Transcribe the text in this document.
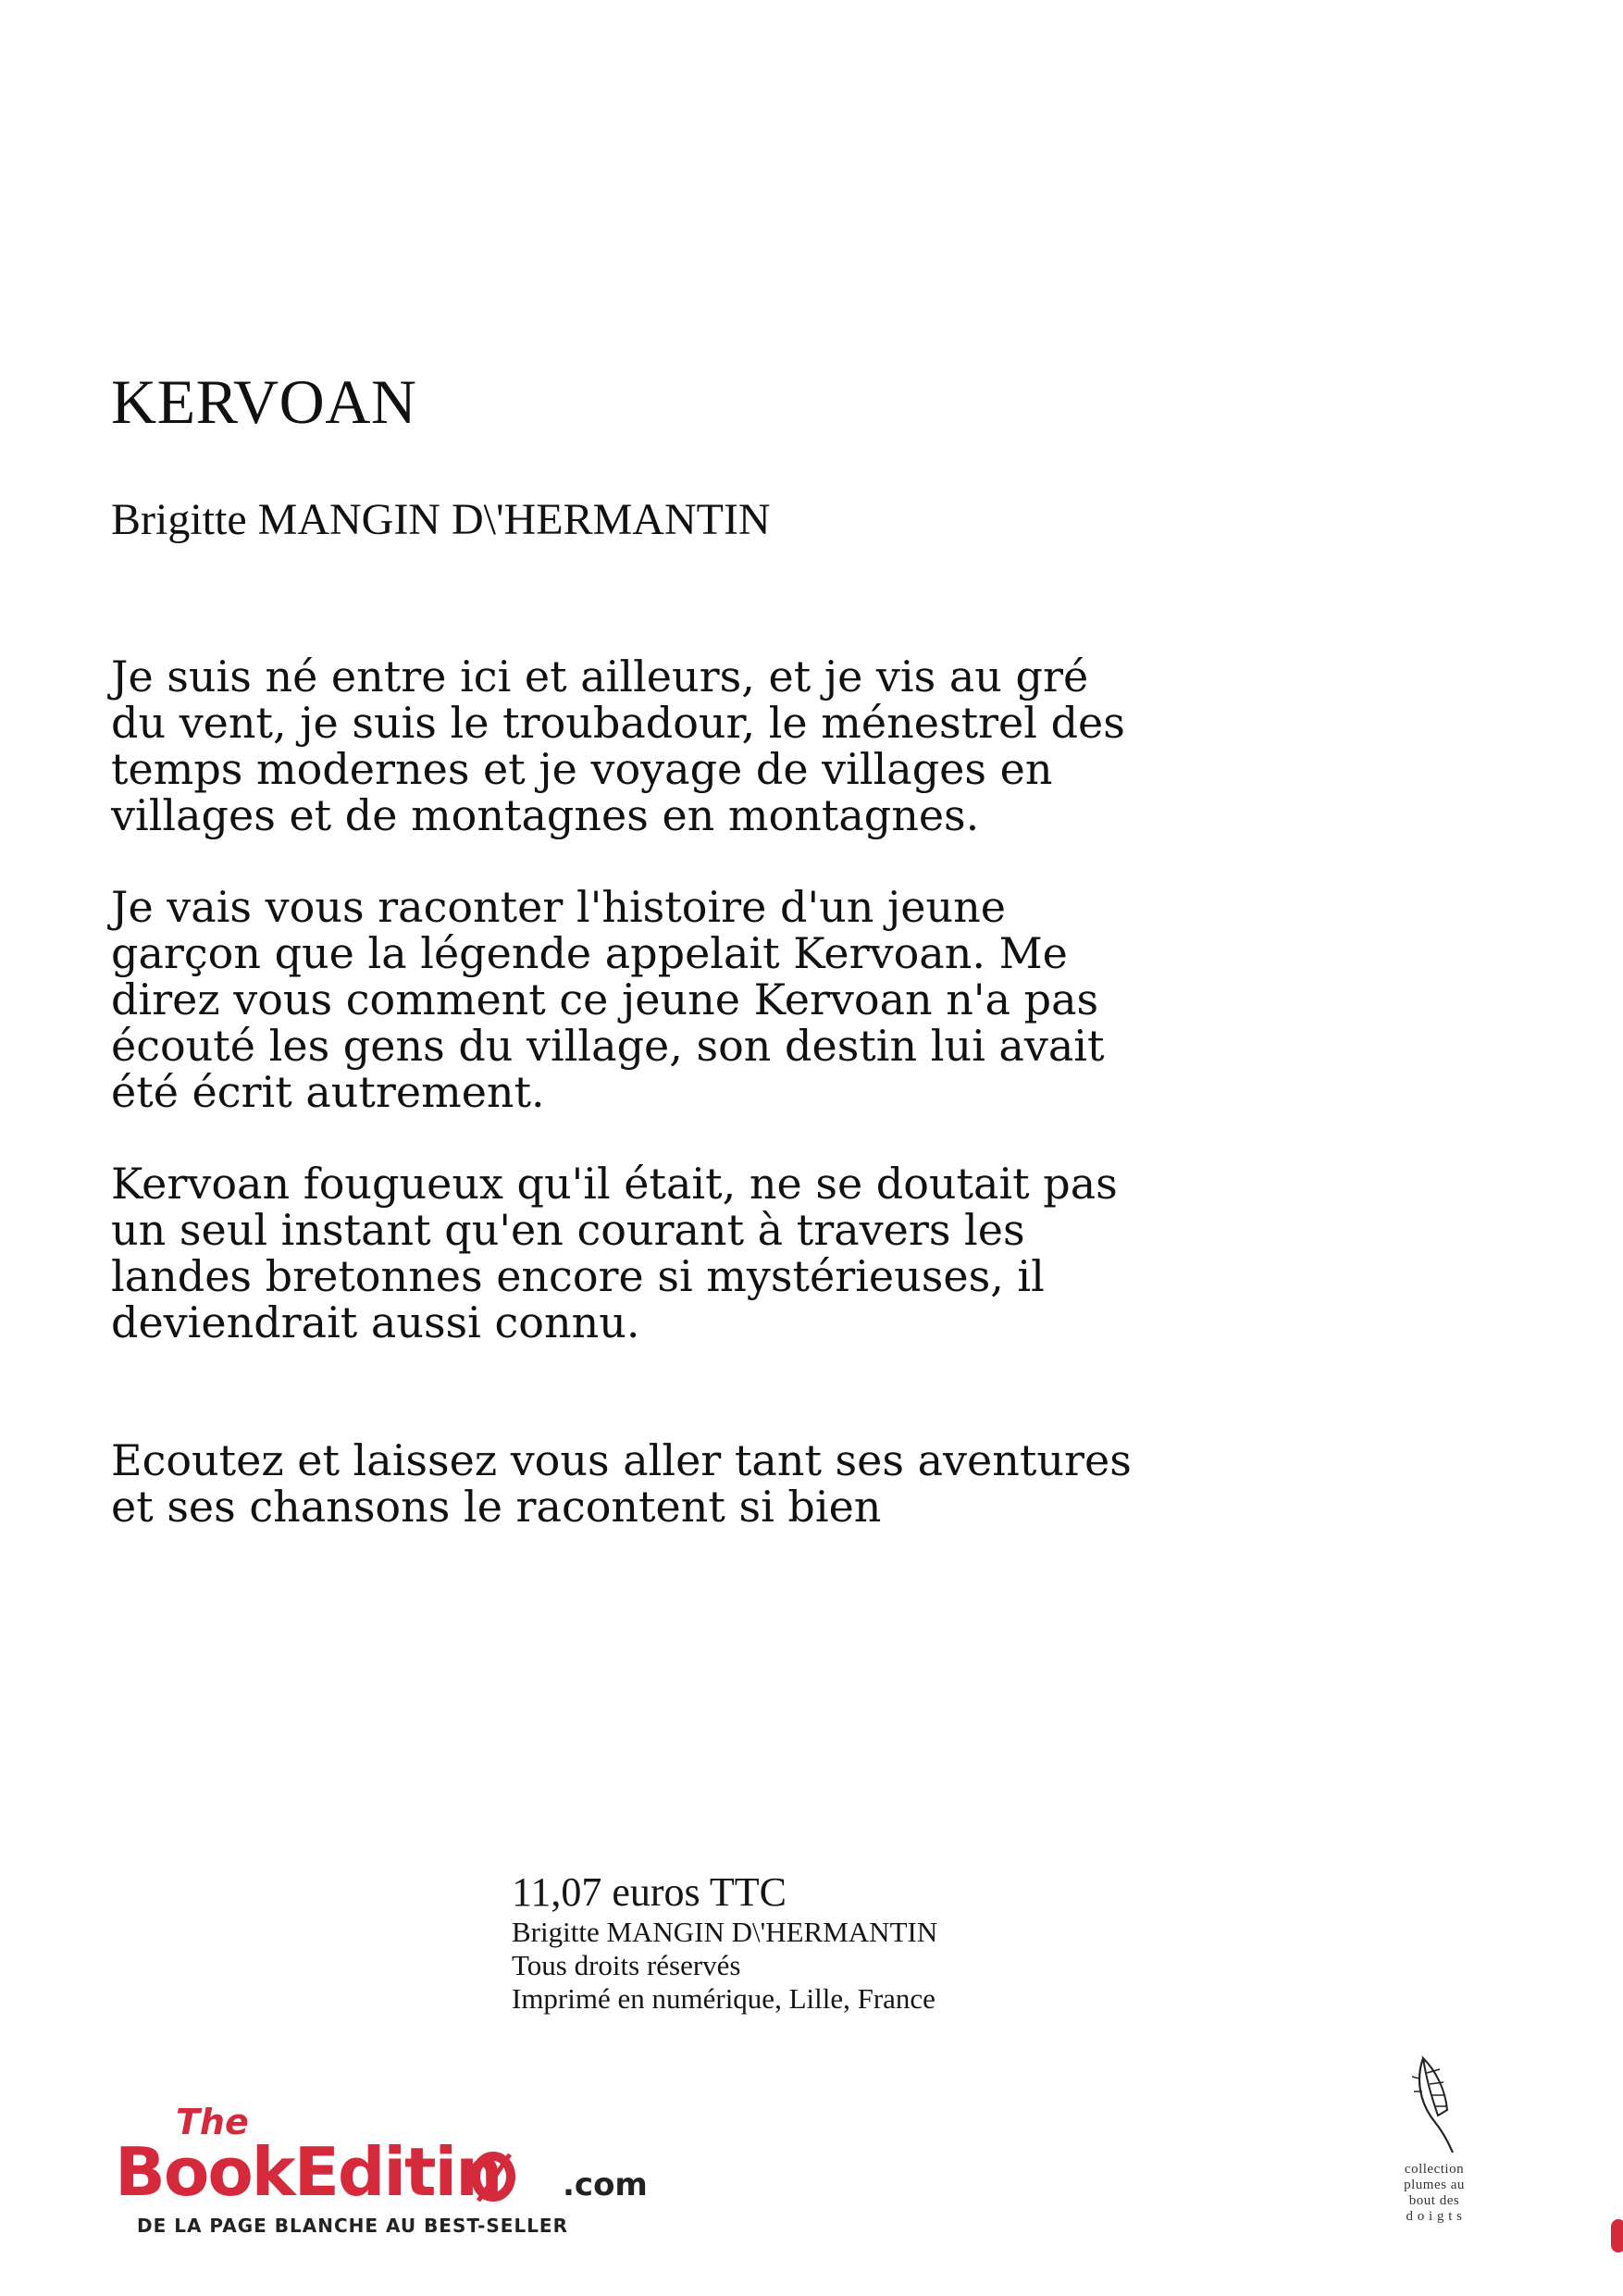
KERVOAN
Brigitte MANGIN D\'HERMANTIN

Je suis né entre ici et ailleurs, et je vis au gré
du vent, je suis le troubadour, le ménestrel des
temps modernes et je voyage de villages en
villages et de montagnes en montagnes.

Je vais vous raconter l'histoire d'un jeune
garçon que la légende appelait Kervoan. Me
direz vous comment ce jeune Kervoan n'a pas
écouté les gens du village, son destin lui avait
été écrit autrement.

Kervoan fougueux qu'il était, ne se doutait pas
un seul instant qu'en courant à travers les
landes bretonnes encore si mystérieuses, il
deviendrait aussi connu.

Ecoutez et laissez vous aller tant ses aventures
et ses chansons le racontent si bien

11,07 euros TTC
Brigitte MANGIN D\'HERMANTIN
Tous droits réservés
Imprimé en numérique, Lille, France
The
BookEditin .com
DE LA PAGE BLANCHE AU BEST-SELLER
collection
plumes au
bout des
d o i g t s
